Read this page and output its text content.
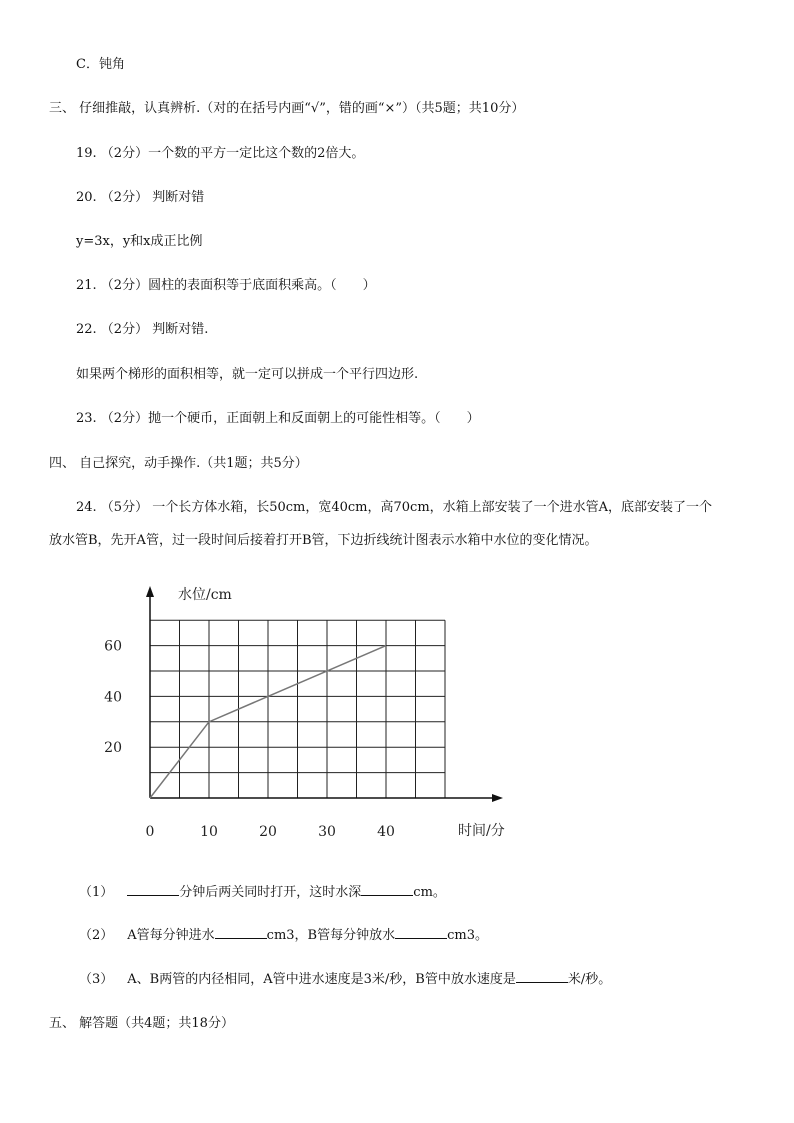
C．钝角
三、 仔细推敲，认真辨析.（对的在括号内画“√”，错的画“×”）（共5题；共10分）
19. （2分）一个数的平方一定比这个数的2倍大。
20. （2分） 判断对错
y=3x，y和x成正比例
21. （2分）圆柱的表面积等于底面积乘高。（　　）
22. （2分） 判断对错.
如果两个梯形的面积相等，就一定可以拼成一个平行四边形.
23. （2分）抛一个硬币，正面朝上和反面朝上的可能性相等。（　　）
四、 自己探究，动手操作.（共1题；共5分）
24. （5分） 一个长方体水箱，长50cm，宽40cm，高70cm，水箱上部安装了一个进水管A，底部安装了一个
放水管B，先开A管，过一段时间后接着打开B管，下边折线统计图表示水箱中水位的变化情况。
水位/cm
时间/分
0	10	20	30	40
20
40
60
（1）	分钟后两关同时打开，这时水深	cm。
（2） A管每分钟进水	cm3，B管每分钟放水	cm3。
（3） A、B两管的内径相同，A管中进水速度是3米/秒，B管中放水速度是	米/秒。
五、 解答题（共4题；共18分）
